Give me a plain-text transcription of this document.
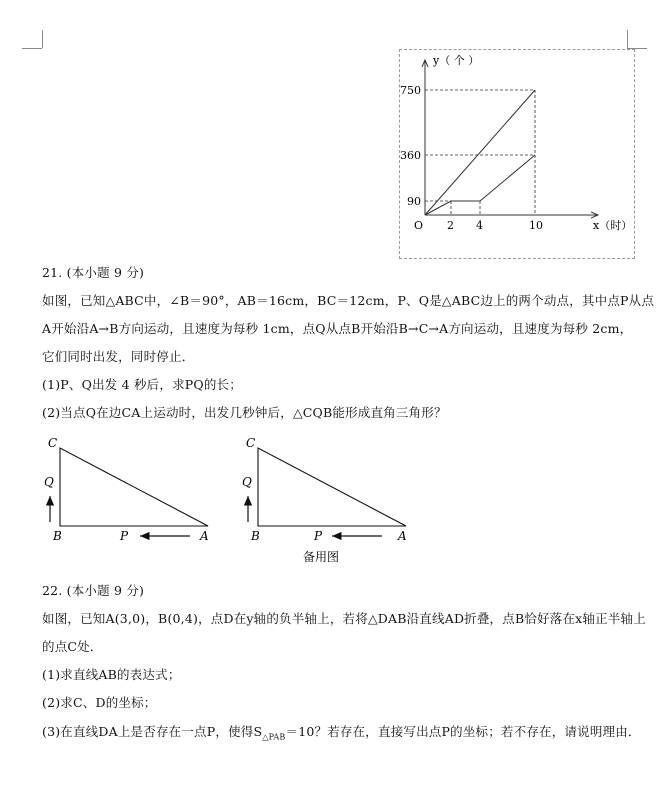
y（ 个 ）
750
360
90
O 2 4	10	x（时）
21. (本小题 9 分)
如图，已知△ABC中，∠B＝90°，AB＝16cm，BC＝12cm，P、Q是△ABC边上的两个动点，其中点P从点
A开始沿A→B方向运动，且速度为每秒 1cm，点Q从点B开始沿B→C→A方向运动，且速度为每秒 2cm，
它们同时出发，同时停止．
(1)P、Q出发 4 秒后，求PQ的长；
(2)当点Q在边CA上运动时，出发几秒钟后，△CQB能形成直角三角形？
C
Q
B	P	A
C
Q
B	P	A
备用图
22. (本小题 9 分)
如图，已知A(3,0)，B(0,4)，点D在y轴的负半轴上，若将△DAB沿直线AD折叠，点B恰好落在x轴正半轴上
的点C处．
(1)求直线AB的表达式；
(2)求C、D的坐标；
(3)在直线DA上是否存在一点P，使得$S_{\triangle PAB}=10$？若存在，直接写出点P的坐标；若不存在，请说明理由．
